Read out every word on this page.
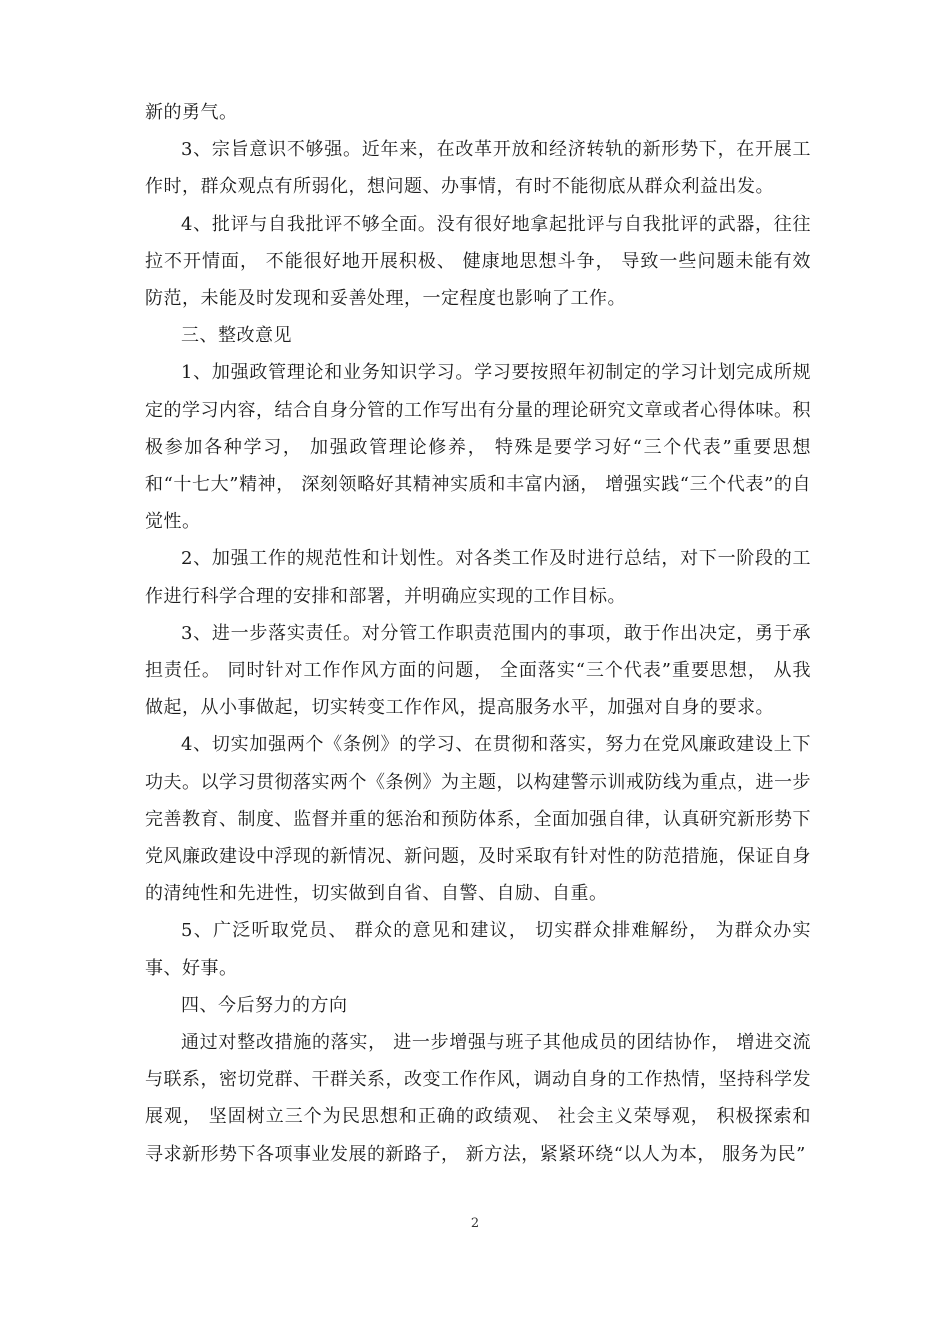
新的勇气。

3、宗旨意识不够强。近年来，在改革开放和经济转轨的新形势下，在开展工作时，群众观点有所弱化，想问题、办事情，有时不能彻底从群众利益出发。

4、批评与自我批评不够全面。没有很好地拿起批评与自我批评的武器，往往拉不开情面， 不能很好地开展积极、 健康地思想斗争， 导致一些问题未能有效防范，未能及时发现和妥善处理，一定程度也影响了工作。

三、整改意见

1、加强政管理论和业务知识学习。学习要按照年初制定的学习计划完成所规定的学习内容，结合自身分管的工作写出有分量的理论研究文章或者心得体味。积极参加各种学习， 加强政管理论修养， 特殊是要学习好“三个代表”重要思想和“十七大”精神， 深刻领略好其精神实质和丰富内涵， 增强实践“三个代表”的自觉性。

2、加强工作的规范性和计划性。对各类工作及时进行总结，对下一阶段的工作进行科学合理的安排和部署，并明确应实现的工作目标。

3、进一步落实责任。对分管工作职责范围内的事项，敢于作出决定，勇于承担责任。 同时针对工作作风方面的问题， 全面落实“三个代表”重要思想， 从我做起，从小事做起，切实转变工作作风，提高服务水平，加强对自身的要求。

4、切实加强两个《条例》的学习、在贯彻和落实，努力在党风廉政建设上下功夫。以学习贯彻落实两个《条例》为主题，以构建警示训戒防线为重点，进一步完善教育、制度、监督并重的惩治和预防体系，全面加强自律，认真研究新形势下党风廉政建设中浮现的新情况、新问题，及时采取有针对性的防范措施，保证自身的清纯性和先进性，切实做到自省、自警、自励、自重。

5、广泛听取党员、 群众的意见和建议， 切实群众排难解纷， 为群众办实事、好事。

四、今后努力的方向

通过对整改措施的落实， 进一步增强与班子其他成员的团结协作， 增进交流与联系，密切党群、干群关系，改变工作作风，调动自身的工作热情，坚持科学发展观， 坚固树立三个为民思想和正确的政绩观、 社会主义荣辱观， 积极探索和寻求新形势下各项事业发展的新路子， 新方法，紧紧环绕“以人为本， 服务为民”

2
